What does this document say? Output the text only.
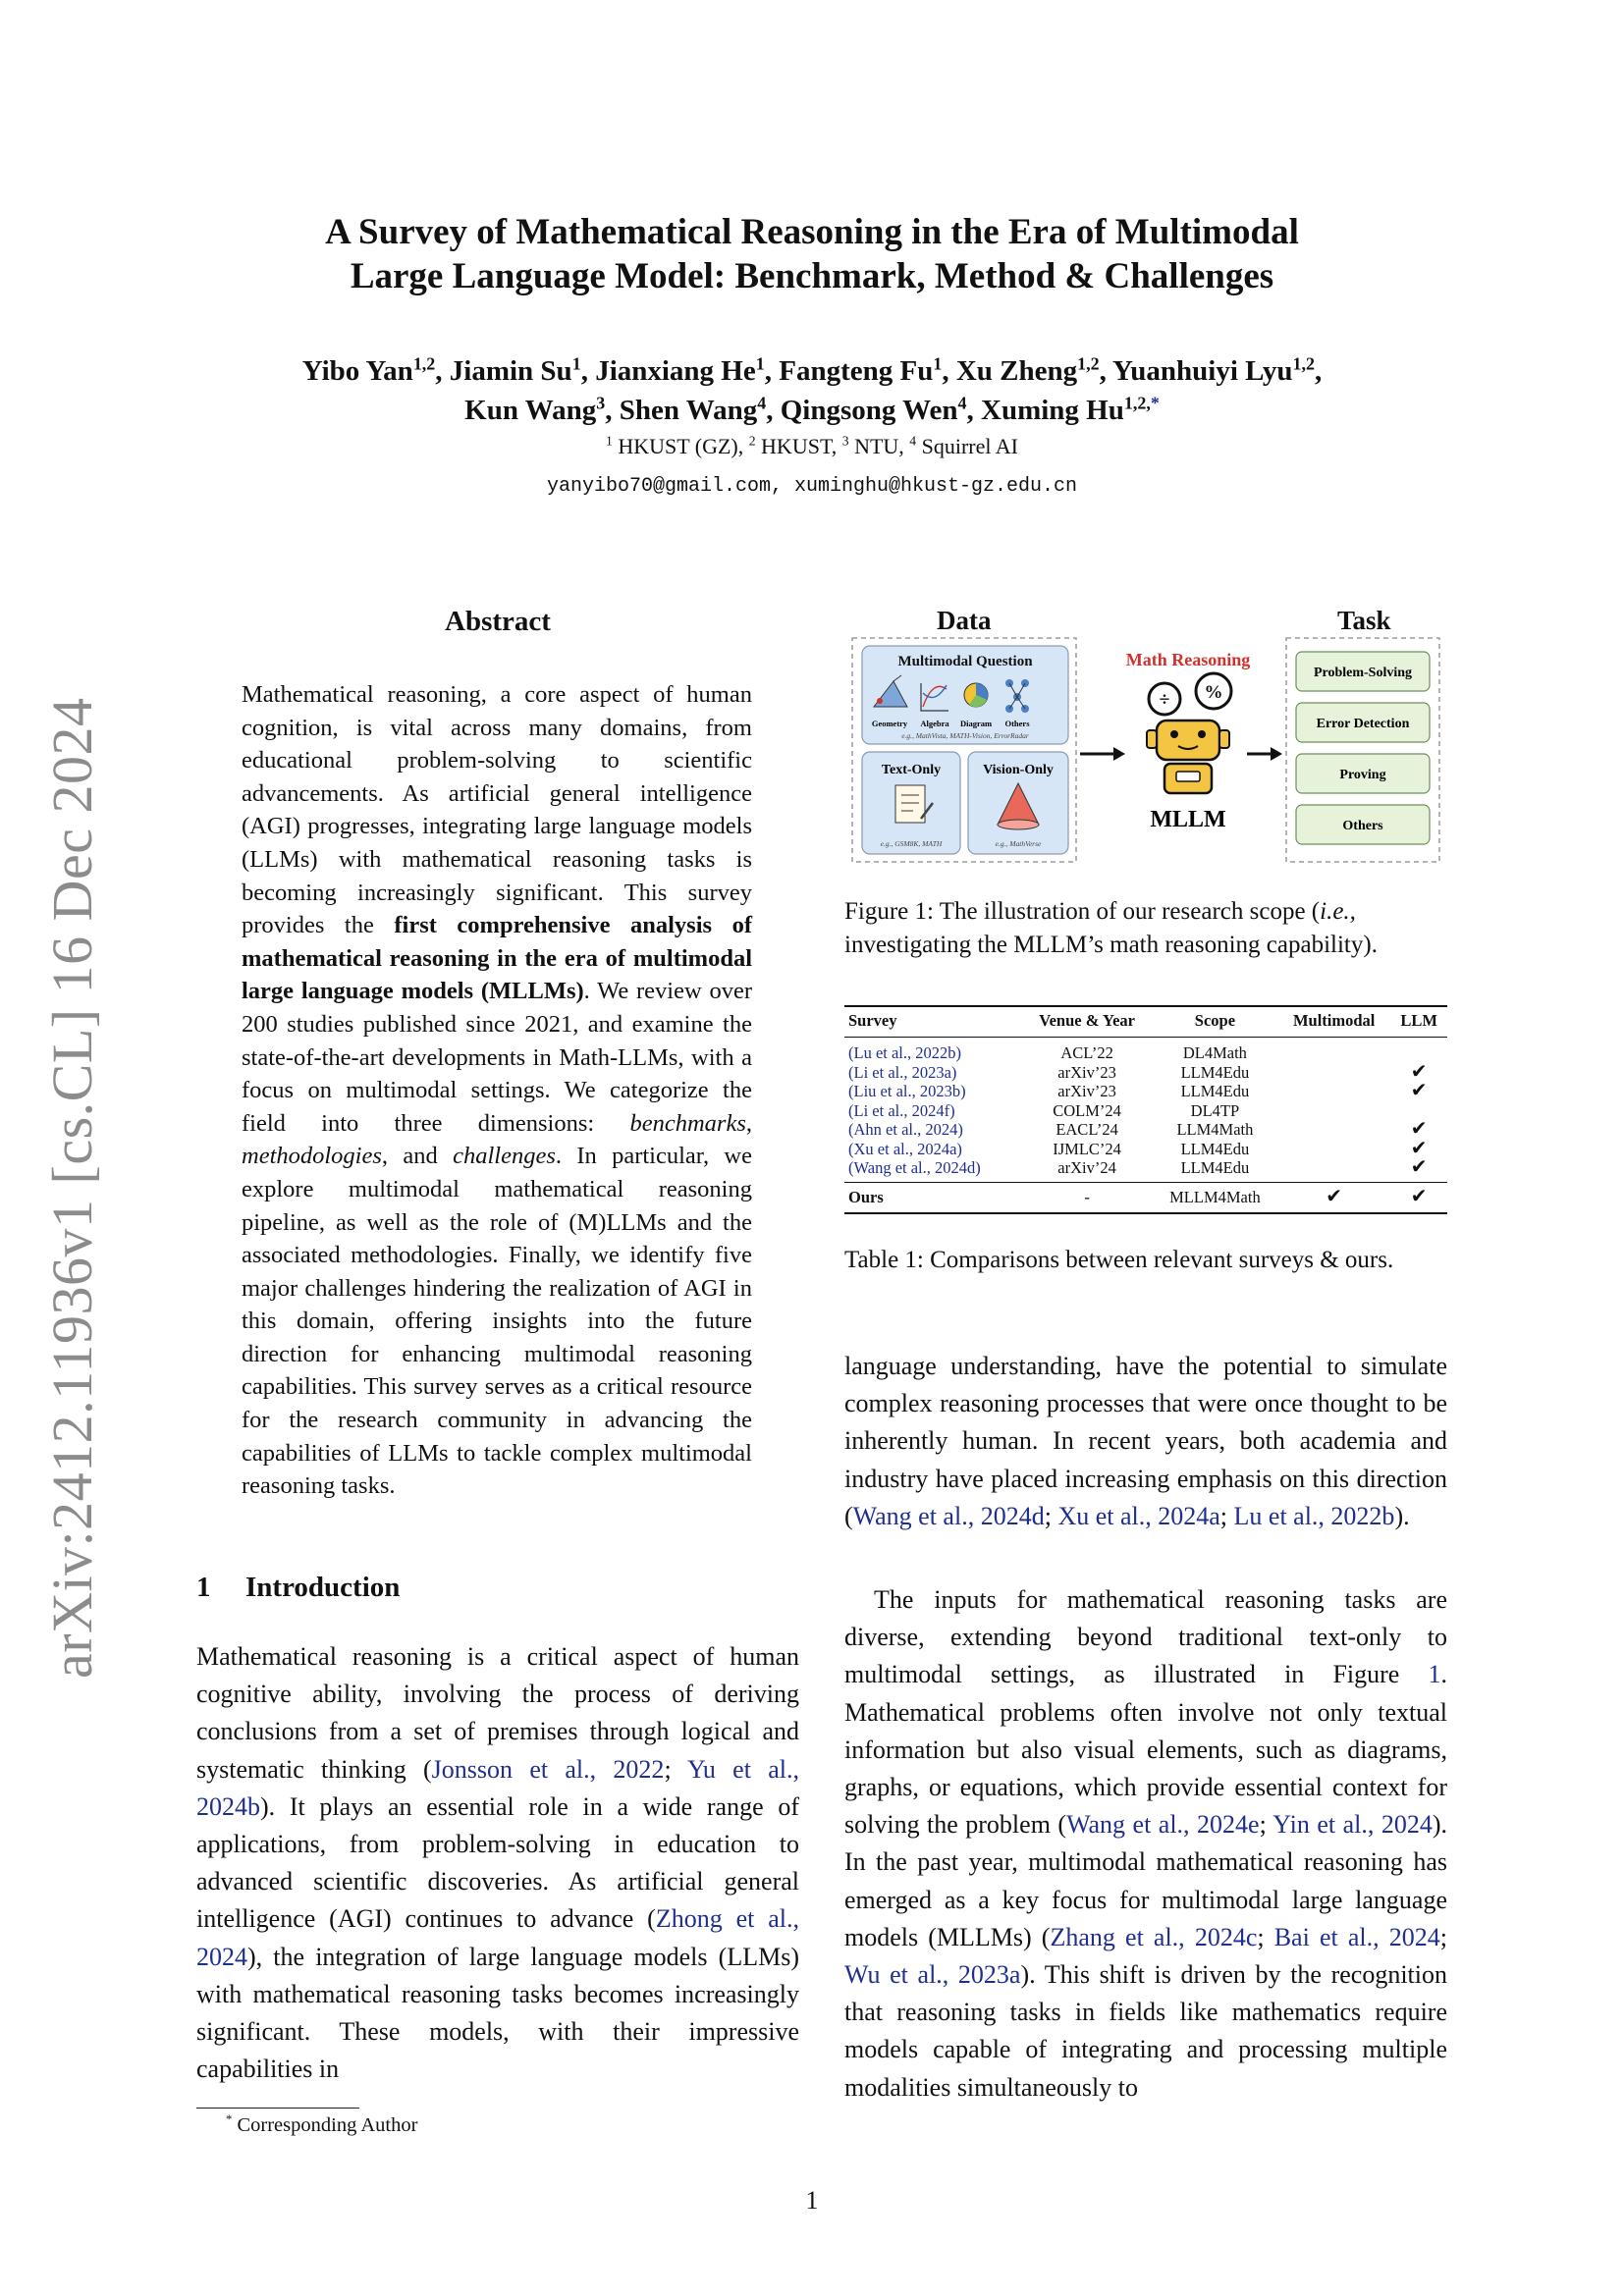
arXiv:2412.11936v1 [cs.CL] 16 Dec 2024
A Survey of Mathematical Reasoning in the Era of Multimodal
Large Language Model: Benchmark, Method & Challenges
Yibo Yan$^{1,2}$, Jiamin Su$^1$, Jianxiang He$^1$, Fangteng Fu$^1$, Xu Zheng$^{1,2}$, Yuanhuiyi Lyu$^{1,2}$,
Kun Wang$^3$, Shen Wang$^4$, Qingsong Wen$^4$, Xuming $Hu^{1,2,*}$
$^1$ HKUST (GZ), $^2$ HKUST, $^3$ NTU, $^4$ Squirrel AI
yanyibo70@gmail.com, xuminghu@hkust-gz.edu.cn
Abstract
Mathematical reasoning, a core aspect of human cognition, is vital across many domains, from educational problem-solving to scientific advancements. As artificial general intelligence (AGI) progresses, integrating large language models (LLMs) with mathematical reasoning tasks is becoming increasingly significant. This survey provides the first comprehensive analysis of mathematical reasoning in the era of multimodal large language models (MLLMs). We review over 200 studies published since 2021, and examine the state-of-the-art developments in Math-LLMs, with a focus on multimodal settings. We categorize the field into three dimensions: benchmarks, methodologies, and challenges. In particular, we explore multimodal mathematical reasoning pipeline, as well as the role of (M)LLMs and the associated methodologies. Finally, we identify five major challenges hindering the realization of AGI in this domain, offering insights into the future direction for enhancing multimodal reasoning capabilities. This survey serves as a critical resource for the research community in advancing the capabilities of LLMs to tackle complex multimodal reasoning tasks.
1 Introduction
Mathematical reasoning is a critical aspect of human cognitive ability, involving the process of deriving conclusions from a set of premises through logical and systematic thinking (Jonsson et al., 2022; Yu et al., 2024b). It plays an essential role in a wide range of applications, from problem-solving in education to advanced scientific discoveries. As artificial general intelligence (AGI) continues to advance (Zhong et al., 2024), the integration of large language models (LLMs) with mathematical reasoning tasks becomes increasingly significant. These models, with their impressive capabilities in
* Corresponding Author
Data	Task
Multimodal Question
Geometry Algebra Diagram Others
e.g., MathVista, MATH-Vision, ErrorRadar
Text-Only
e.g., GSM8K, MATH
Vision-Only
e.g., MathVerse
Math Reasoning
÷ %
MLLM
Problem-Solving
Error Detection
Proving
Others
Figure 1: The illustration of our research scope (i.e., investigating the MLLM’s math reasoning capability).
Survey	Venue & Year	Scope	Multimodal	LLM
(Lu et al., 2022b)	ACL’22	DL4Math		
(Li et al., 2023a)	arXiv’23	LLM4Edu		✔
(Liu et al., 2023b)	arXiv’23	LLM4Edu		✔
(Li et al., 2024f)	COLM’24	DL4TP		
(Ahn et al., 2024)	EACL’24	LLM4Math		✔
(Xu et al., 2024a)	IJMLC’24	LLM4Edu		✔
(Wang et al., 2024d)	arXiv’24	LLM4Edu		✔
Ours	-	MLLM4Math	✔	✔
Table 1: Comparisons between relevant surveys & ours.
language understanding, have the potential to simulate complex reasoning processes that were once thought to be inherently human. In recent years, both academia and industry have placed increasing emphasis on this direction (Wang et al., 2024d; Xu et al., 2024a; Lu et al., 2022b).
The inputs for mathematical reasoning tasks are diverse, extending beyond traditional text-only to multimodal settings, as illustrated in Figure 1. Mathematical problems often involve not only textual information but also visual elements, such as diagrams, graphs, or equations, which provide essential context for solving the problem (Wang et al., 2024e; Yin et al., 2024). In the past year, multimodal mathematical reasoning has emerged as a key focus for multimodal large language models (MLLMs) (Zhang et al., 2024c; Bai et al., 2024; Wu et al., 2023a). This shift is driven by the recognition that reasoning tasks in fields like mathematics require models capable of integrating and processing multiple modalities simultaneously to
1
